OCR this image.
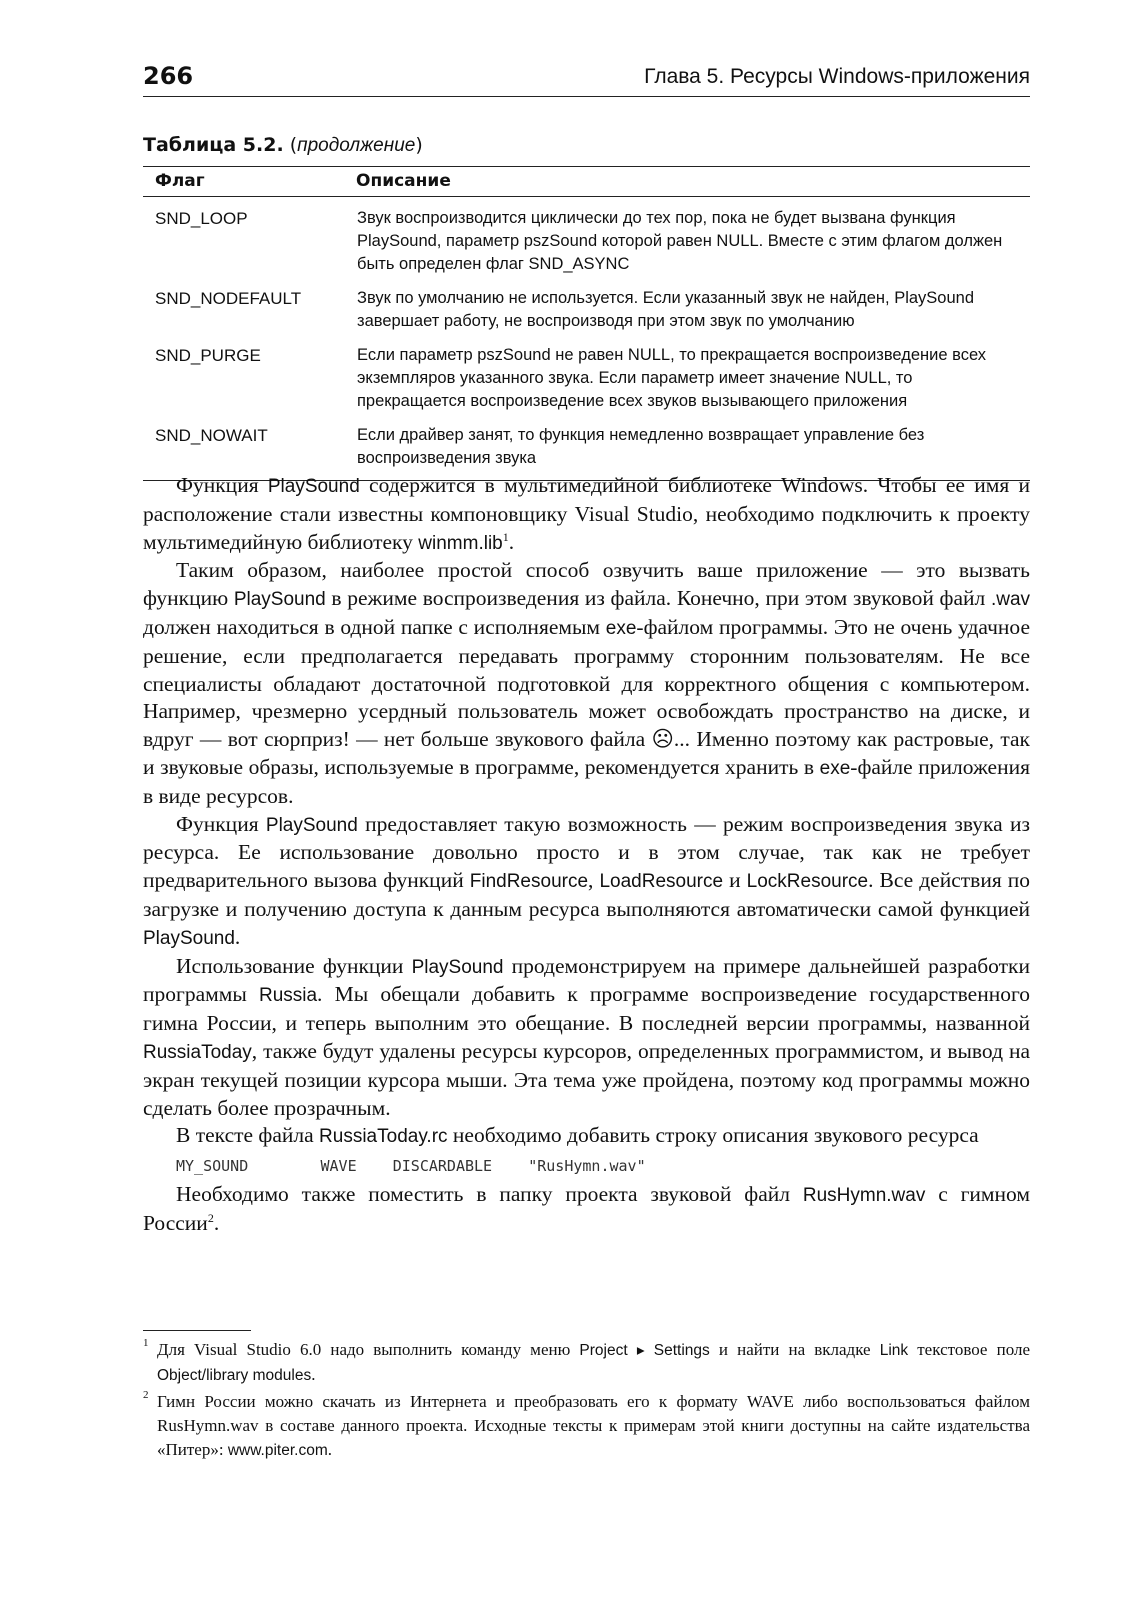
266	Глава 5. Ресурсы Windows-приложения
Таблица 5.2. (продолжение)
Флаг	Описание
SND_LOOP	Звук воспроизводится циклически до тех пор, пока не будет вызвана функция PlaySound, параметр pszSound которой равен NULL. Вместе с этим флагом должен быть определен флаг SND_ASYNC
SND_NODEFAULT	Звук по умолчанию не используется. Если указанный звук не найден, PlaySound завершает работу, не воспроизводя при этом звук по умолчанию
SND_PURGE	Если параметр pszSound не равен NULL, то прекращается воспроизведение всех экземпляров указанного звука. Если параметр имеет значение NULL, то прекращается воспроизведение всех звуков вызывающего приложения
SND_NOWAIT	Если драйвер занят, то функция немедленно возвращает управление без воспроизведения звука

Функция PlaySound содержится в мультимедийной библиотеке Windows. Чтобы ее имя и расположение стали известны компоновщику Visual Studio, необходимо подключить к проекту мультимедийную библиотеку winmm.lib$^1$.

Таким образом, наиболее простой способ озвучить ваше приложение — это вызвать функцию PlaySound в режиме воспроизведения из файла. Конечно, при этом звуковой файл .wav должен находиться в одной папке с исполняемым exe-файлом программы. Это не очень удачное решение, если предполагается передавать программу сторонним пользователям. Не все специалисты обладают достаточной подготовкой для корректного общения с компьютером. Например, чрезмерно усердный пользователь может освобождать пространство на диске, и вдруг — вот сюрприз! — нет больше звукового файла ☹... Именно поэтому как растровые, так и звуковые образы, используемые в программе, рекомендуется хранить в exe-файле приложения в виде ресурсов.

Функция PlaySound предоставляет такую возможность — режим воспроизведения звука из ресурса. Ее использование довольно просто и в этом случае, так как не требует предварительного вызова функций FindResource, LoadResource и LockResource. Все действия по загрузке и получению доступа к данным ресурса выполняются автоматически самой функцией PlaySound.

Использование функции PlaySound продемонстрируем на примере дальнейшей разработки программы Russia. Мы обещали добавить к программе воспроизведение государственного гимна России, и теперь выполним это обещание. В последней версии программы, названной RussiaToday, также будут удалены ресурсы курсоров, определенных программистом, и вывод на экран текущей позиции курсора мыши. Эта тема уже пройдена, поэтому код программы можно сделать более прозрачным.

В тексте файла RussiaToday.rc необходимо добавить строку описания звукового ресурса

MY_SOUND        WAVE    DISCARDABLE    "RusHymn.wav"

Необходимо также поместить в папку проекта звуковой файл RusHymn.wav с гимном России$^2$.

1 Для Visual Studio 6.0 надо выполнить команду меню Project ▸ Settings и найти на вкладке Link текстовое поле Object/library modules.
2 Гимн России можно скачать из Интернета и преобразовать его к формату WAVE либо воспользоваться файлом RusHymn.wav в составе данного проекта. Исходные тексты к примерам этой книги доступны на сайте издательства «Питер»: www.piter.com.
